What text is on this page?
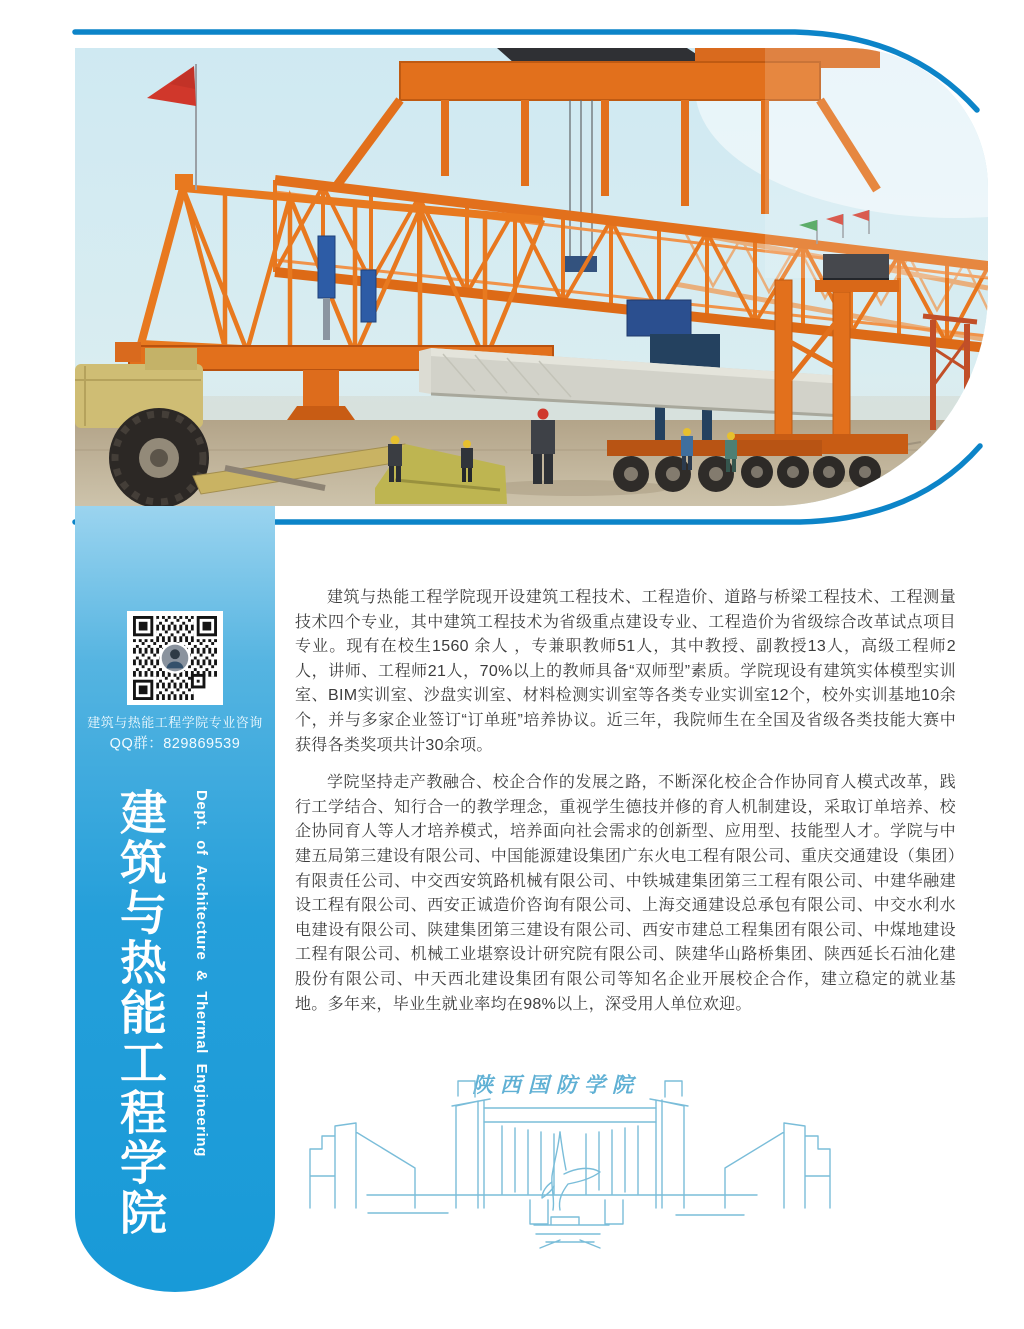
建筑与热能工程学院专业咨询
QQ群：829869539
建筑与热能工程学院 Dept. of Architecture & Thermal Engineering

建筑与热能工程学院现开设建筑工程技术、工程造价、道路与桥梁工程技术、工程测量技术四个专业，其中建筑工程技术为省级重点建设专业、工程造价为省级综合改革试点项目专业。现有在校生1560 余人 ，专兼职教师51人，其中教授、副教授13人，高级工程师2人，讲师、工程师21人，70%以上的教师具备“双师型”素质。学院现设有建筑实体模型实训室、BIM实训室、沙盘实训室、材料检测实训室等各类专业实训室12个，校外实训基地10余个，并与多家企业签订“订单班”培养协议。近三年，我院师生在全国及省级各类技能大赛中获得各类奖项共计30余项。

学院坚持走产教融合、校企合作的发展之路，不断深化校企合作协同育人模式改革，践行工学结合、知行合一的教学理念，重视学生德技并修的育人机制建设，采取订单培养、校企协同育人等人才培养模式，培养面向社会需求的创新型、应用型、技能型人才。学院与中建五局第三建设有限公司、中国能源建设集团广东火电工程有限公司、重庆交通建设（集团）有限责任公司、中交西安筑路机械有限公司、中铁城建集团第三工程有限公司、中建华融建设工程有限公司、西安正诚造价咨询有限公司、上海交通建设总承包有限公司、中交水利水电建设有限公司、陕建集团第三建设有限公司、西安市建总工程集团有限公司、中煤地建设工程有限公司、机械工业堪察设计研究院有限公司、陕建华山路桥集团、陕西延长石油化建股份有限公司、中天西北建设集团有限公司等知名企业开展校企合作，建立稳定的就业基地。多年来，毕业生就业率均在98%以上，深受用人单位欢迎。

陕西国防学院
